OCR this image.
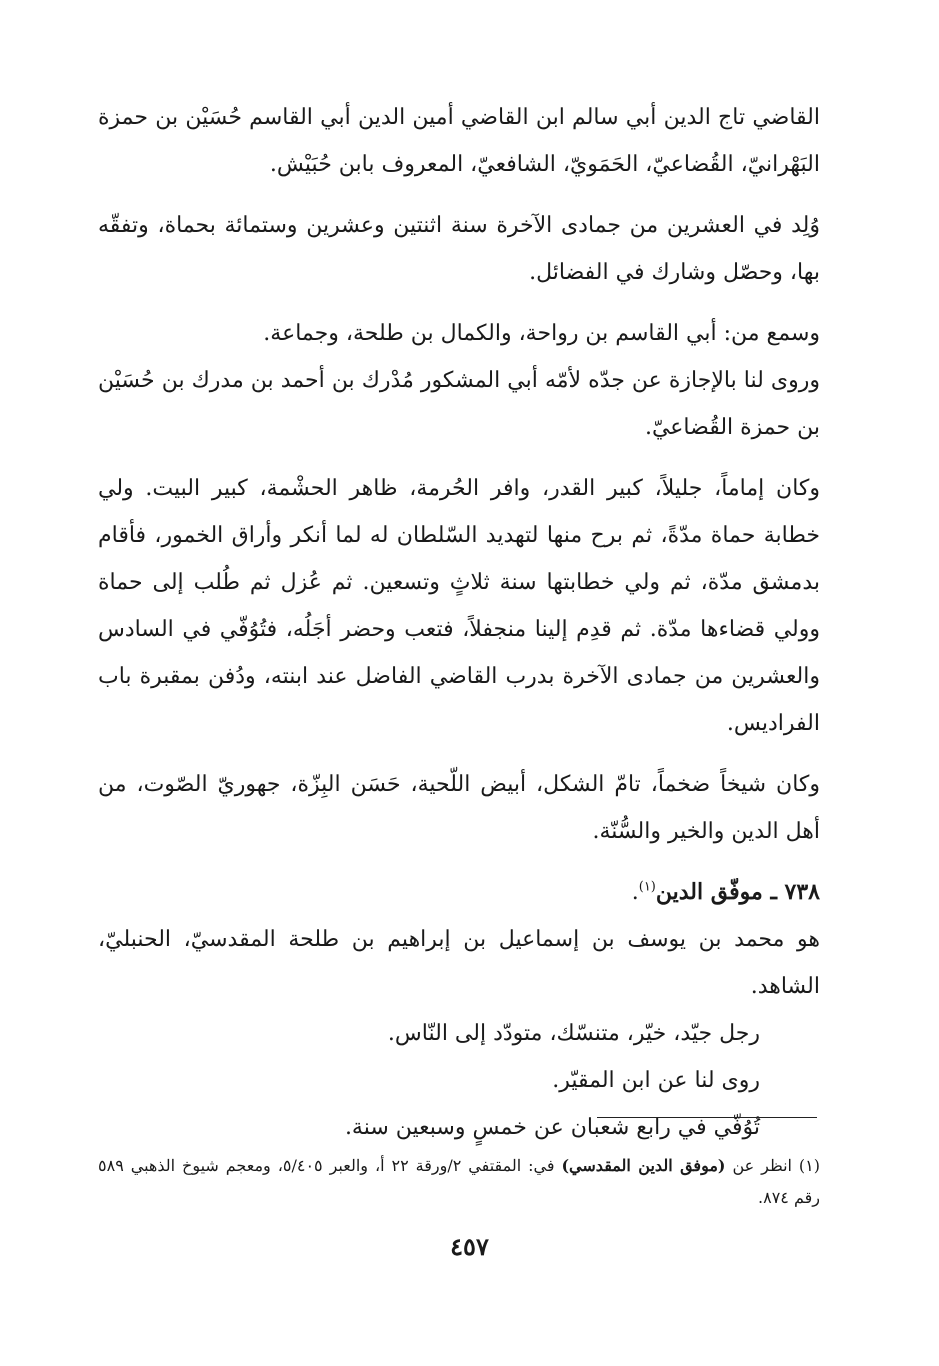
القاضي تاج الدين أبي سالم ابن القاضي أمين الدين أبي القاسم حُسَيْن بن حمزة البَهْرانيّ، القُضاعيّ، الحَمَويّ، الشافعيّ، المعروف بابن حُبَيْش.

وُلِد في العشرين من جمادى الآخرة سنة اثنتين وعشرين وستمائة بحماة، وتفقّه بها، وحصّل وشارك في الفضائل.

وسمع من: أبي القاسم بن رواحة، والكمال بن طلحة، وجماعة.

وروى لنا بالإجازة عن جدّه لأمّه أبي المشكور مُدْرك بن أحمد بن مدرك بن حُسَيْن بن حمزة القُضاعيّ.

وكان إماماً، جليلاً، كبير القدر، وافر الحُرمة، ظاهر الحشْمة، كبير البيت. ولي خطابة حماة مدّةً، ثم برح منها لتهديد السّلطان له لما أنكر وأراق الخمور، فأقام بدمشق مدّة، ثم ولي خطابتها سنة ثلاثٍ وتسعين. ثم عُزل ثم طُلب إلى حماة وولي قضاءها مدّة. ثم قدِم إلينا منجفلاً، فتعب وحضر أجَلُه، فتُوُفّي في السادس والعشرين من جمادى الآخرة بدرب القاضي الفاضل عند ابنته، ودُفن بمقبرة باب الفراديس.

وكان شيخاً ضخماً، تامّ الشكل، أبيض اللّحية، حَسَن البِزّة، جهوريّ الصّوت، من أهل الدين والخير والسُّنّة.

٧٣٨ ـ موفّق الدين$^{(١)}$.

هو محمد بن يوسف بن إسماعيل بن إبراهيم بن طلحة المقدسيّ، الحنبليّ، الشاهد.

رجل جيّد، خيّر، متنسّك، متودّد إلى النّاس.

روى لنا عن ابن المقيّر.

تُوُفّي في رابع شعبان عن خمسٍ وسبعين سنة.

(١) انظر عن (موفق الدين المقدسي) في: المقتفي ٢/ورقة ٢٢ أ، والعبر ٥/٤٠٥، ومعجم شيوخ الذهبي ٥٨٩ رقم ٨٧٤.
٤٥٧
